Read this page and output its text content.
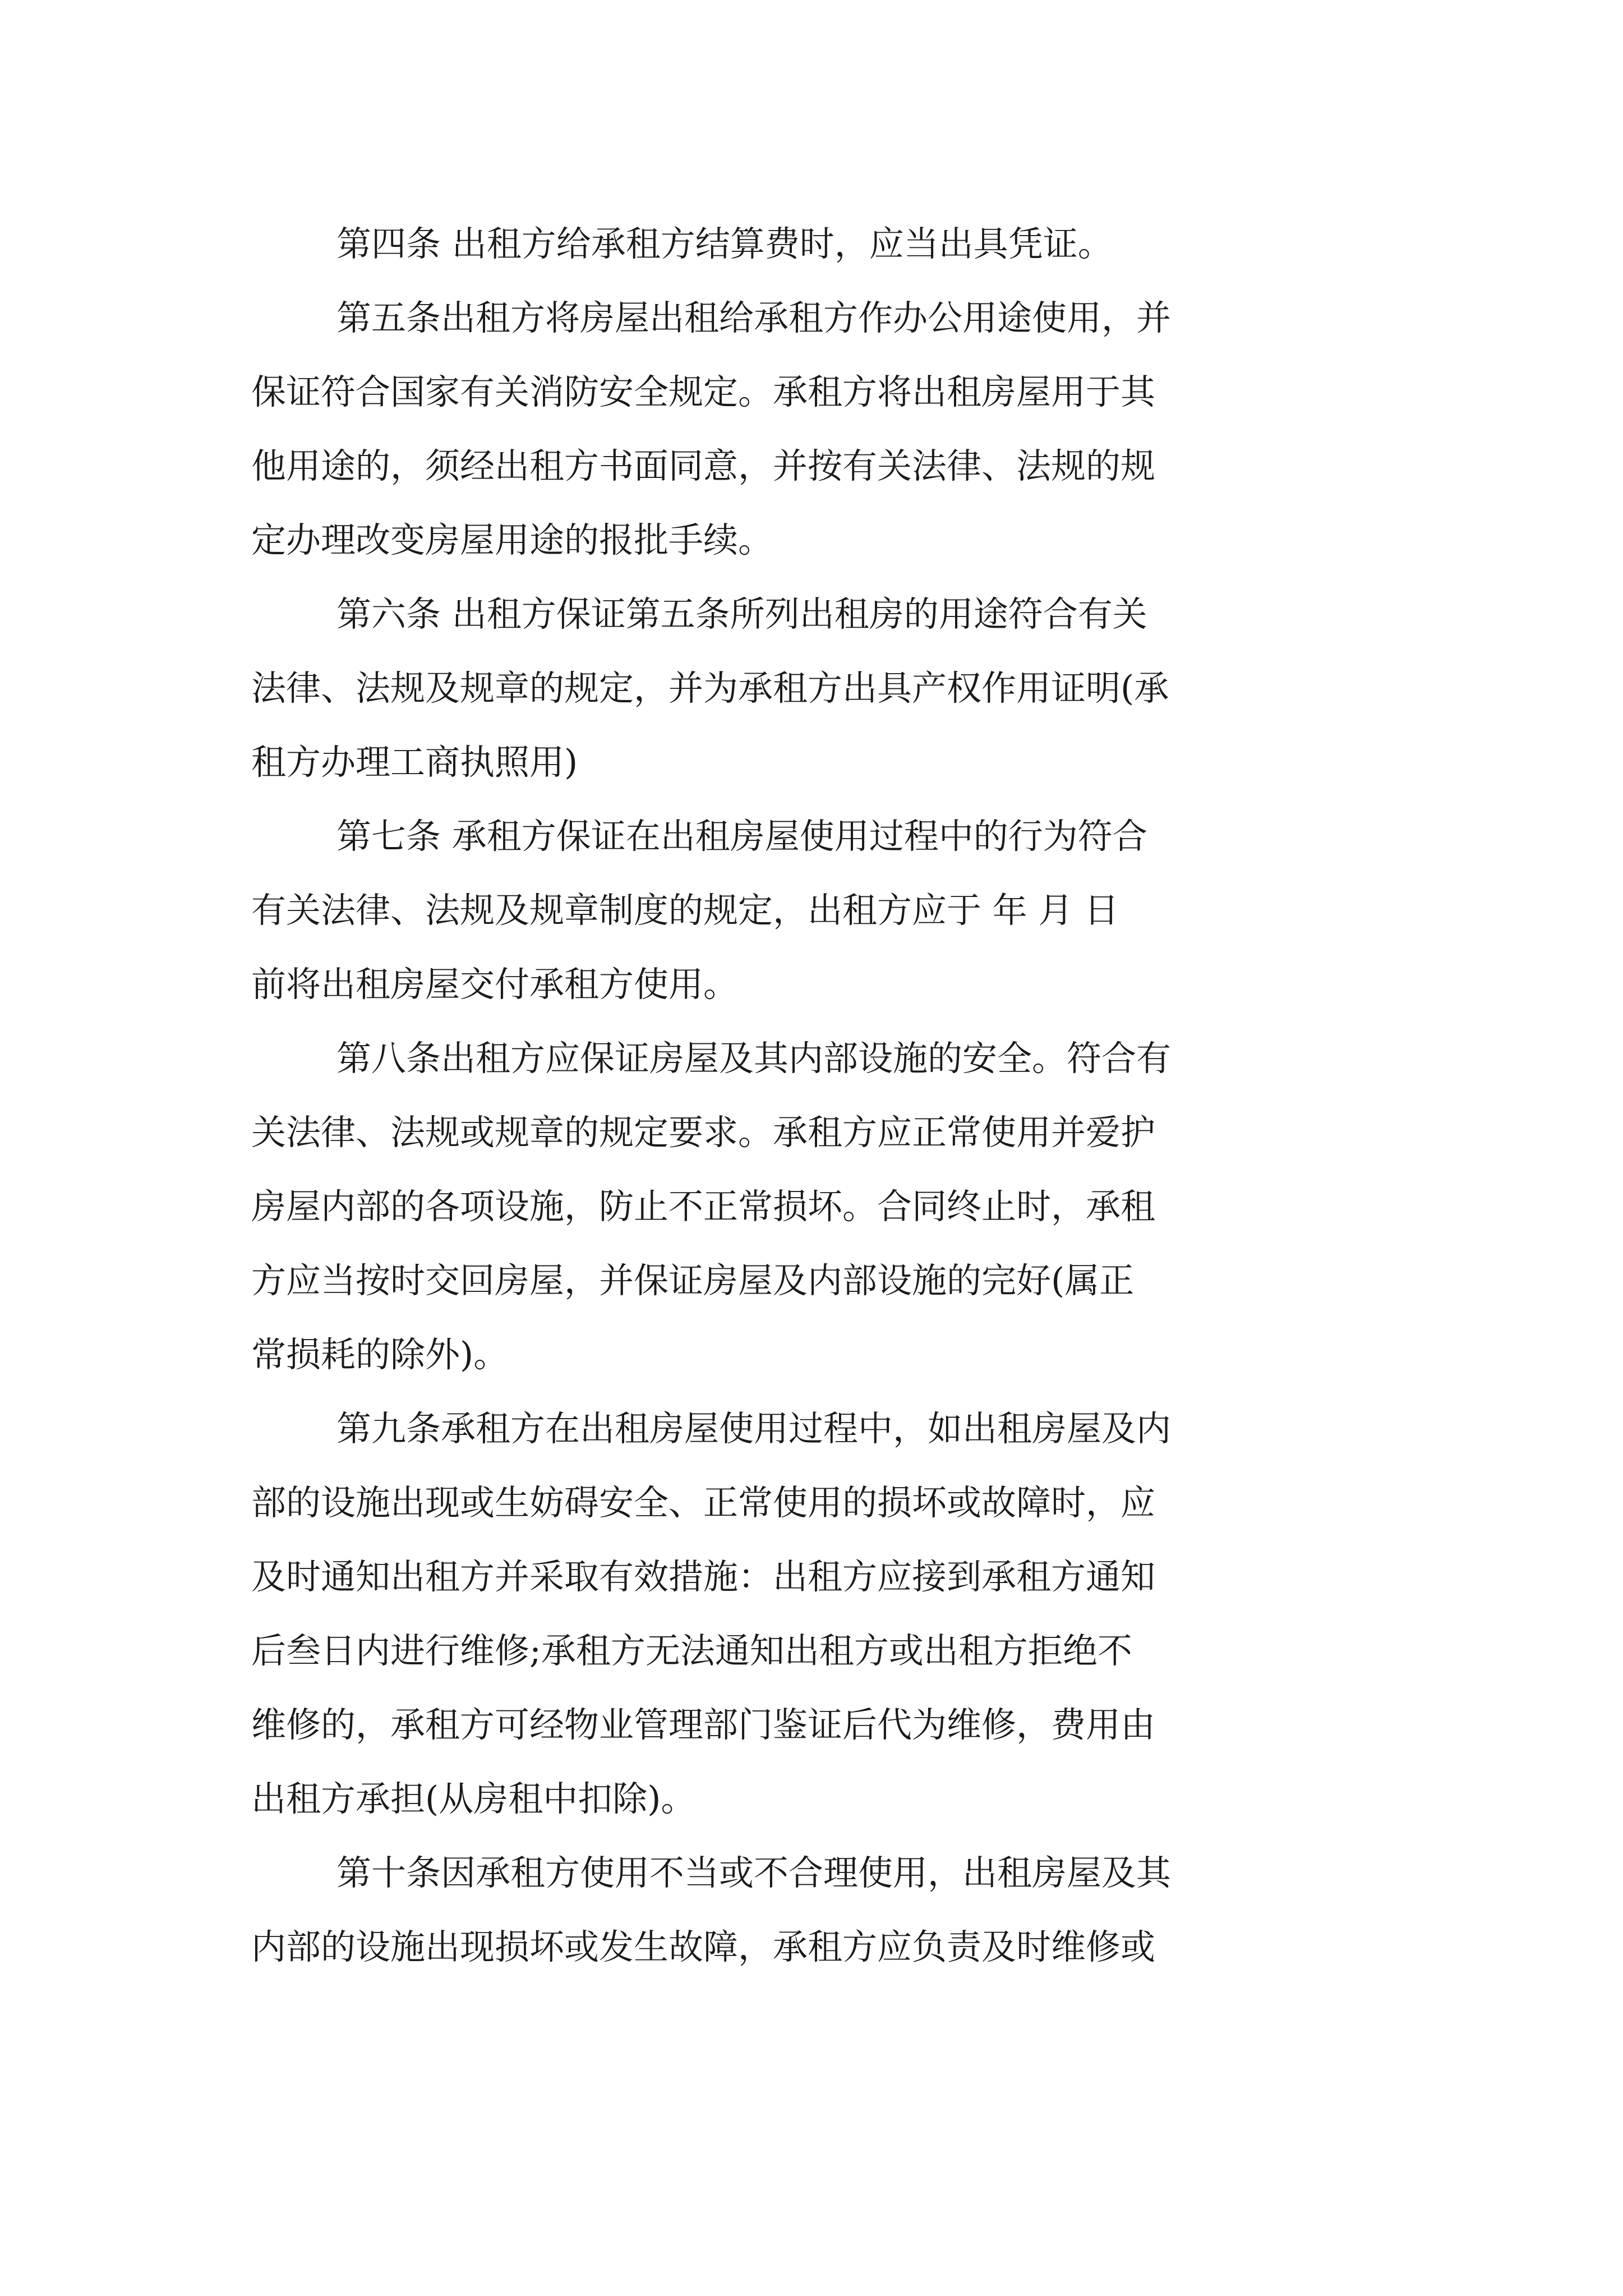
第四条 出租方给承租方结算费时，应当出具凭证。
第五条出租方将房屋出租给承租方作办公用途使用，并
保证符合国家有关消防安全规定。承租方将出租房屋用于其
他用途的，须经出租方书面同意，并按有关法律、法规的规
定办理改变房屋用途的报批手续。
第六条 出租方保证第五条所列出租房的用途符合有关
法律、法规及规章的规定，并为承租方出具产权作用证明(承
租方办理工商执照用)
第七条 承租方保证在出租房屋使用过程中的行为符合
有关法律、法规及规章制度的规定，出租方应于 年 月 日
前将出租房屋交付承租方使用。
第八条出租方应保证房屋及其内部设施的安全。符合有
关法律、法规或规章的规定要求。承租方应正常使用并爱护
房屋内部的各项设施，防止不正常损坏。合同终止时，承租
方应当按时交回房屋，并保证房屋及内部设施的完好(属正
常损耗的除外)。
第九条承租方在出租房屋使用过程中，如出租房屋及内
部的设施出现或生妨碍安全、正常使用的损坏或故障时，应
及时通知出租方并采取有效措施：出租方应接到承租方通知
后叁日内进行维修;承租方无法通知出租方或出租方拒绝不
维修的，承租方可经物业管理部门鉴证后代为维修，费用由
出租方承担(从房租中扣除)。
第十条因承租方使用不当或不合理使用，出租房屋及其
内部的设施出现损坏或发生故障，承租方应负责及时维修或
